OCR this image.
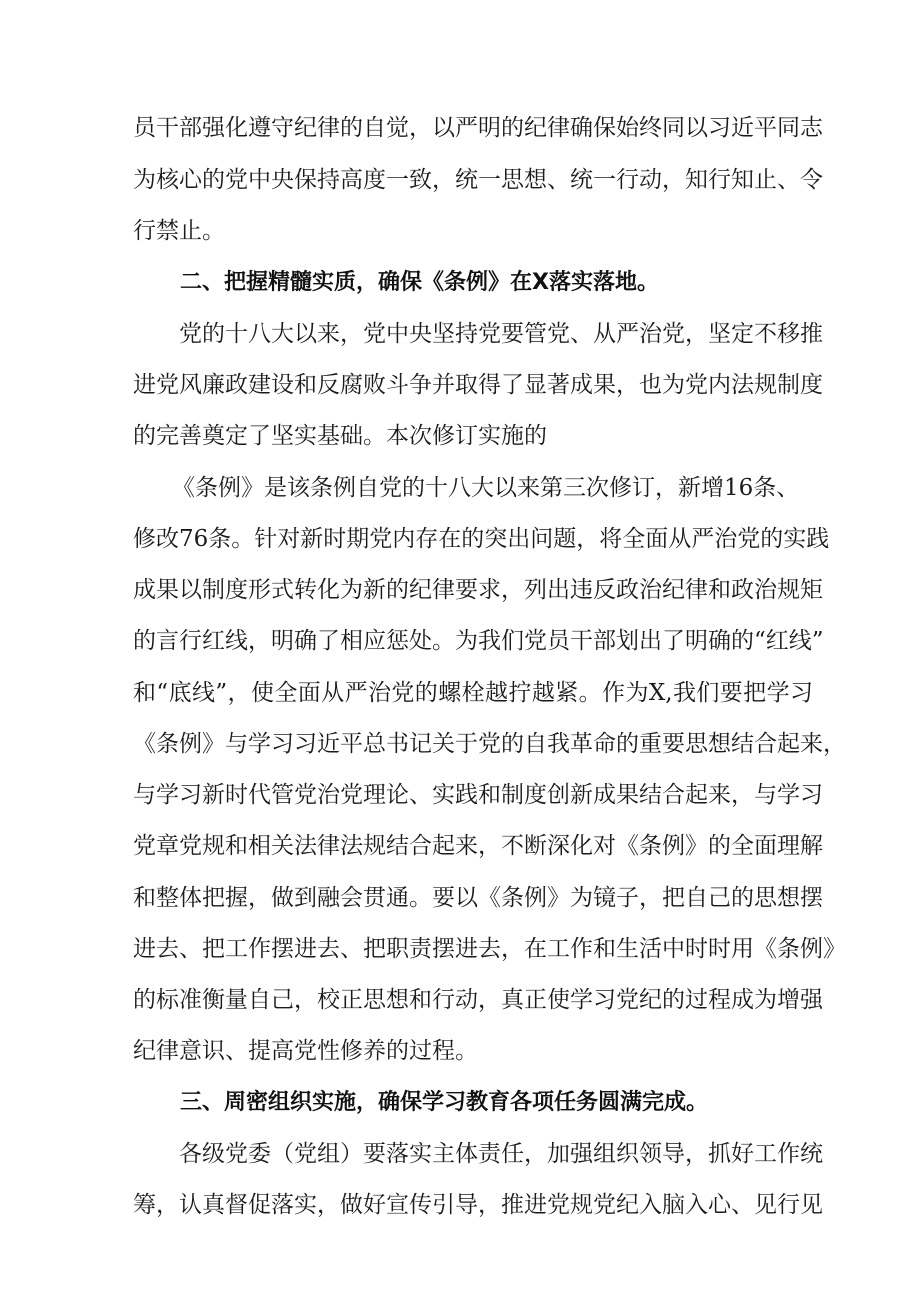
员干部强化遵守纪律的自觉，以严明的纪律确保始终同以习近平同志
为核心的党中央保持高度一致，统一思想、统一行动，知行知止、令
行禁止。
二、把握精髓实质，确保《条例》在X落实落地。
党的十八大以来，党中央坚持党要管党、从严治党，坚定不移推
进党风廉政建设和反腐败斗争并取得了显著成果，也为党内法规制度
的完善奠定了坚实基础。本次修订实施的
《条例》是该条例自党的十八大以来第三次修订，新增16条、
修改76条。针对新时期党内存在的突出问题，将全面从严治党的实践
成果以制度形式转化为新的纪律要求，列出违反政治纪律和政治规矩
的言行红线，明确了相应惩处。为我们党员干部划出了明确的“红线”
和“底线”，使全面从严治党的螺栓越拧越紧。作为X,我们要把学习
《条例》与学习习近平总书记关于党的自我革命的重要思想结合起来，
与学习新时代管党治党理论、实践和制度创新成果结合起来，与学习
党章党规和相关法律法规结合起来，不断深化对《条例》的全面理解
和整体把握，做到融会贯通。要以《条例》为镜子，把自己的思想摆
进去、把工作摆进去、把职责摆进去，在工作和生活中时时用《条例》
的标准衡量自己，校正思想和行动，真正使学习党纪的过程成为增强
纪律意识、提高党性修养的过程。
三、周密组织实施，确保学习教育各项任务圆满完成。
各级党委（党组）要落实主体责任，加强组织领导，抓好工作统
筹，认真督促落实，做好宣传引导，推进党规党纪入脑入心、见行见
